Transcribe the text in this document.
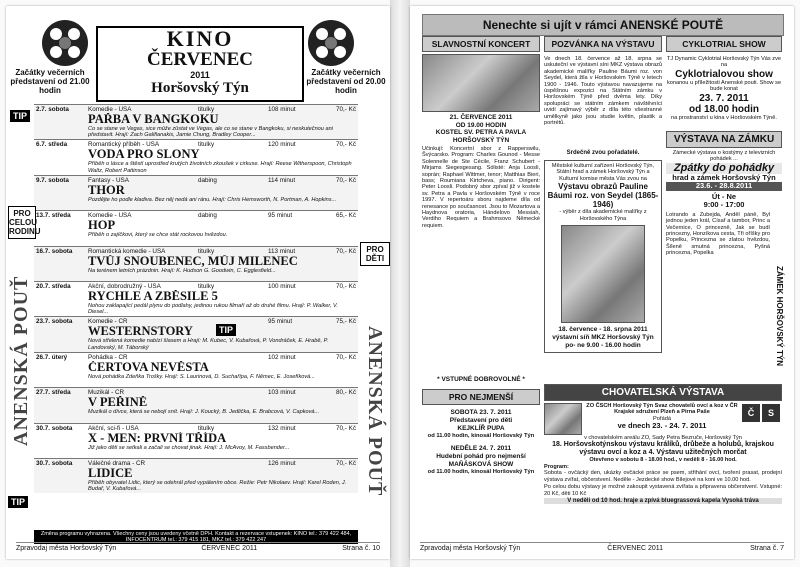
KINO
ČERVENEC
2011
Horšovský Týn
Začátky večerních představení od 21.00 hodin
Začátky večerních představení od 20.00 hodin
2.7. sobota	Komedie - USA	titulky	108 minut	70,- Kč
PAŘBA V BANGKOKU
Co se stane ve Vegas, sice může zůstat ve Vegas, ale co se stane v Bangkoku, si neskutečnou ani představit. Hrají: Zach Galifianakis, Jamie Chung, Bradley Cooper...
6.7. středa	Romantický příběh - USA	titulky	120 minut	70,- Kč
VODA PRO SLONY
Příběh o lásce a štěstí uprostřed krutých životních zkoušek v cirkuse. Hrají: Reese Witherspoon, Christoph Waltz, Robert Pattinson
9.7. sobota	Fantasy - USA	dabing	114 minut	70,- Kč
THOR
Pozdějte ho podle kladiva. Bez něj nedá ani ránu. Hrají: Chris Hemsworth, N. Portman, A. Hopkins...
13.7. středa	Komedie - USA	dabing	95 minut	65,- Kč
HOP
Příběh o zajíčkovi, který se chce stát rockovou hvězdou.
16.7. sobota	Romantická komedie - USA	titulky	113 minut	70,- Kč
TVŮJ SNOUBENEC, MŮJ MILENEC
Na terénem letních prázdnin. Hrají: K. Hudson G. Goodwin, C. Egglesfield...
20.7. středa	Akční, dobrodružný - USA	titulky	100 minut	70,- Kč
RYCHLE A ZBĚSILE 5
Nohou zaklapající pedál plynu do podlahy, jedinou rukou filmaři až do druhé filmu. Hrají: P. Walker, V. Diesel...
23.7. sobota	Komedie - ČR	95 minut	75,- Kč
WESTERNSTORY
Nová střelená komedie nabízí šlasem a Hrají: M. Kubec, V. Kubařová, P. Vondráček, E. Hrabě, P. Landovský, M. Táborský
26.7. úterý	Pohádka - ČR	102 minut	70,- Kč
ČERTOVA NEVĚSTA
Nová pohádka Zdeňka Trošky. Hrají: S. Laurinová, D. Suchařípa, F. Němec, E. Josefíková...
27.7. středa	Muzikál - ČR	103 minut	80,- Kč
V PEŘINĚ
Muzikál o dívce, která se nebojí snít. Hrají: J. Koucký, B. Jedlička, E. Brabcová, V. Čapková...
30.7. sobota	Akční, sci-fi - USA	titulky	132 minut	70,- Kč
X - MEN: PRVNÍ TŘÍDA
Již jako děti se setkali a začali se chovat jinak. Hrají: J. McAvoy, M. Fassbender...
30.7. sobota	Válečné drama - ČR	126 minut	70,- Kč
LIDICE
Příběh obyvatel Lidic, který se odehrál před vypálením obce. Režie: Petr Nikolaev. Hrají: Karel Roden, J. Budař, V. Kubařová...
TIP
TIP
TIP
PRO CELOU RODINU
PRO DĚTI
ANENSKÁ POUŤ	ANENSKÁ POUŤ
Změna programu vyhrazena. Všechny ceny jsou uvedeny včetně DPH. Kontakt a rezervace vstupenek: KINO tel.: 379 422 484, INFOCENTRUM tel.: 379 415 181, MKZ tel.: 379 422 247
Zpravodaj města Horšovský Týn	ČERVENEC 2011	Strana č. 10
Nenechte si ujít v rámci ANENSKÉ POUTĚ
SLAVNOSTNÍ KONCERT
21. ČERVENCE 2011
OD 19.00 HODIN
KOSTEL SV. PETRA A PAVLA
HORŠOVSKÝ TÝN
Účinkují: Koncertní sbor z Rapperswilu, Švýcarsko. Program: Charles Gounod - Messe Solennelle de Ste Cécile, Franz Schubert - Mirjams Siegesgesang. Sólisté: Anja Loosli, soprán; Raphael Wittmer, tenor; Matthias Bieri, bass; Roumiana Kirtcheva, piano. Dirigent: Peter Loosli. Podobný sbor zpíval již v kostele sv. Petra a Pavla v Horšovském Týně v roce 1997. V repertoáru sboru najdeme díla od renesance po současnost. Jsou to Mozartova a Haydnova oratoria, Händelovo Messiah, Verdiho Requiem a Brahmsovo Německé requiem.
* VSTUPNÉ DOBROVOLNÉ *
PRO NEJMENŠÍ
SOBOTA 23. 7. 2011
Představení pro děti
KEJKLÍŘ PUPA
od 11.00 hodin, kinosál Horšovský Týn
NEDĚLE 24. 7. 2011
Hudební pohád pro nejmenší
MAŇÁSKOVÁ SHOW
od 11.00 hodin, kinosál Horšovský Týn
POZVÁNKA NA VÝSTAVU
Ve dnech 18. července až 18. srpna se uskuteční ve výstavní síni MKZ výstava obrazů akademické malířky Pauline Báumi roz. von Seydel, která žila v Horšovském Týně v letech 1900 - 1946. Touto výstavou navazujeme na úspěšnou expozici na Státním zámku v Horšovském Týně před dvěma lety. Díky spolupráci se státním zámkem návštěvníci uvidí zajímavý výběr z díla této všestranné umělkyně jako jsou studie květin, plastik a portrétů.
Srdečně zvou pořadatelé.
Městské kulturní zařízení Horšovský Týn, Státní hrad a zámek Horšovský Týn a Kulturní komise města Vás zvou na
Výstavu obrazů Pauline Báumi roz. von Seydel (1865-1946)
- výběr z díla akademické malířky z Horšovského Týna
18. července - 18. srpna 2011
výstavní síň MKZ Horšovský Týn
po- ne 9.00 - 16.00 hodin
CYKLOTRIAL SHOW
TJ Dynamic Cyklotrial Horšovský Týn Vás zve na
Cyklotrialovou show
konanou u příležitosti Anenské pouti. Show se bude konat
23. 7. 2011
od 18.00 hodin
na prostranství u kina v Horšovském Týně.
VÝSTAVA NA ZÁMKU
Zámecké výstava o kostýmy z televizních pohádek ...
Zpátky do pohádky
hrad a zámek Horšovský Týn
23.6. - 28.8.2011
Út - Ne
9:00 - 17:00
Lotrando a Zubejda, Anděl páně, Byl jednou jeden král, Císař a tambor, Princ a Večernice, O princezně, Jak se budí princezny, Honzíkova cesta, Tři oříšky pro Popelku, Princezna se zlatou hvězdou, Šíleně smutná princezna, Pyšná princezna, Popelka
ZÁMEK HORŠOVSKÝ TÝN
CHOVATELSKÁ VÝSTAVA
ZO ČSCH Horšovský Týn Svaz chovatelů ovcí a koz v ČR Krajské sdružení Plzeň a Pirna Paše
Pořádá
ve dnech 23. - 24. 7. 2011
Č S
v chovatelském areálu ZO, Sady Petra Bezruče, Horšovský Týn
18. Horšovskotýnskou výstavu králíků, drůbeže a holubů, krajskou výstavu ovcí a koz a 4. Výstavu užitečných morčat
Otevřeno v sobotu 8 - 18.00 hod., v neděli 8 - 16.00 hod.
Program:
Sobota - ovčácký den, ukázky ovčácké práce se psem, střihání ovcí, tvoření prasat, prodejní výstava zvířat, občerstvení. Neděle - Jezdecké show Bílejové na koni ve 10.00 hod.
Po celou dobu výstavy je možné zakoupit vystavená zvířata a připravena občerstvení. Vstupné: 20 Kč, děti 10 Kč
V neděli od 10 hod. hraje a zpívá bluegrassová kapela Vysoká tráva
Zpravodaj města Horšovský Týn	ČERVENEC 2011	Strana č. 7
